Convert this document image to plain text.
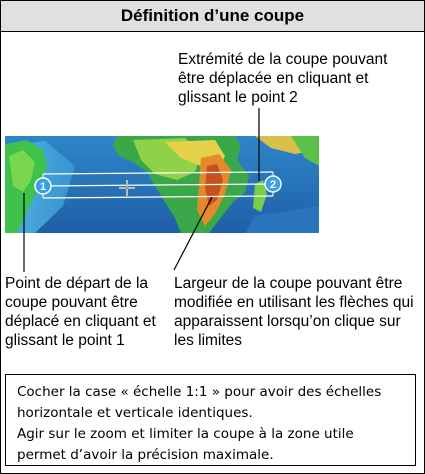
Définition d’une coupe
Extrémité de la coupe pouvant être déplacée en cliquant et glissant le point 2
1	2
Point de départ de la coupe pouvant être déplacé en cliquant et glissant le point 1
Largeur de la coupe pouvant être modifiée en utilisant les flèches qui apparaissent lorsqu’on clique sur les limites
Cocher la case « échelle 1:1 » pour avoir des échelles
horizontale et verticale identiques.
Agir sur le zoom et limiter la coupe à la zone utile
permet d’avoir la précision maximale.
